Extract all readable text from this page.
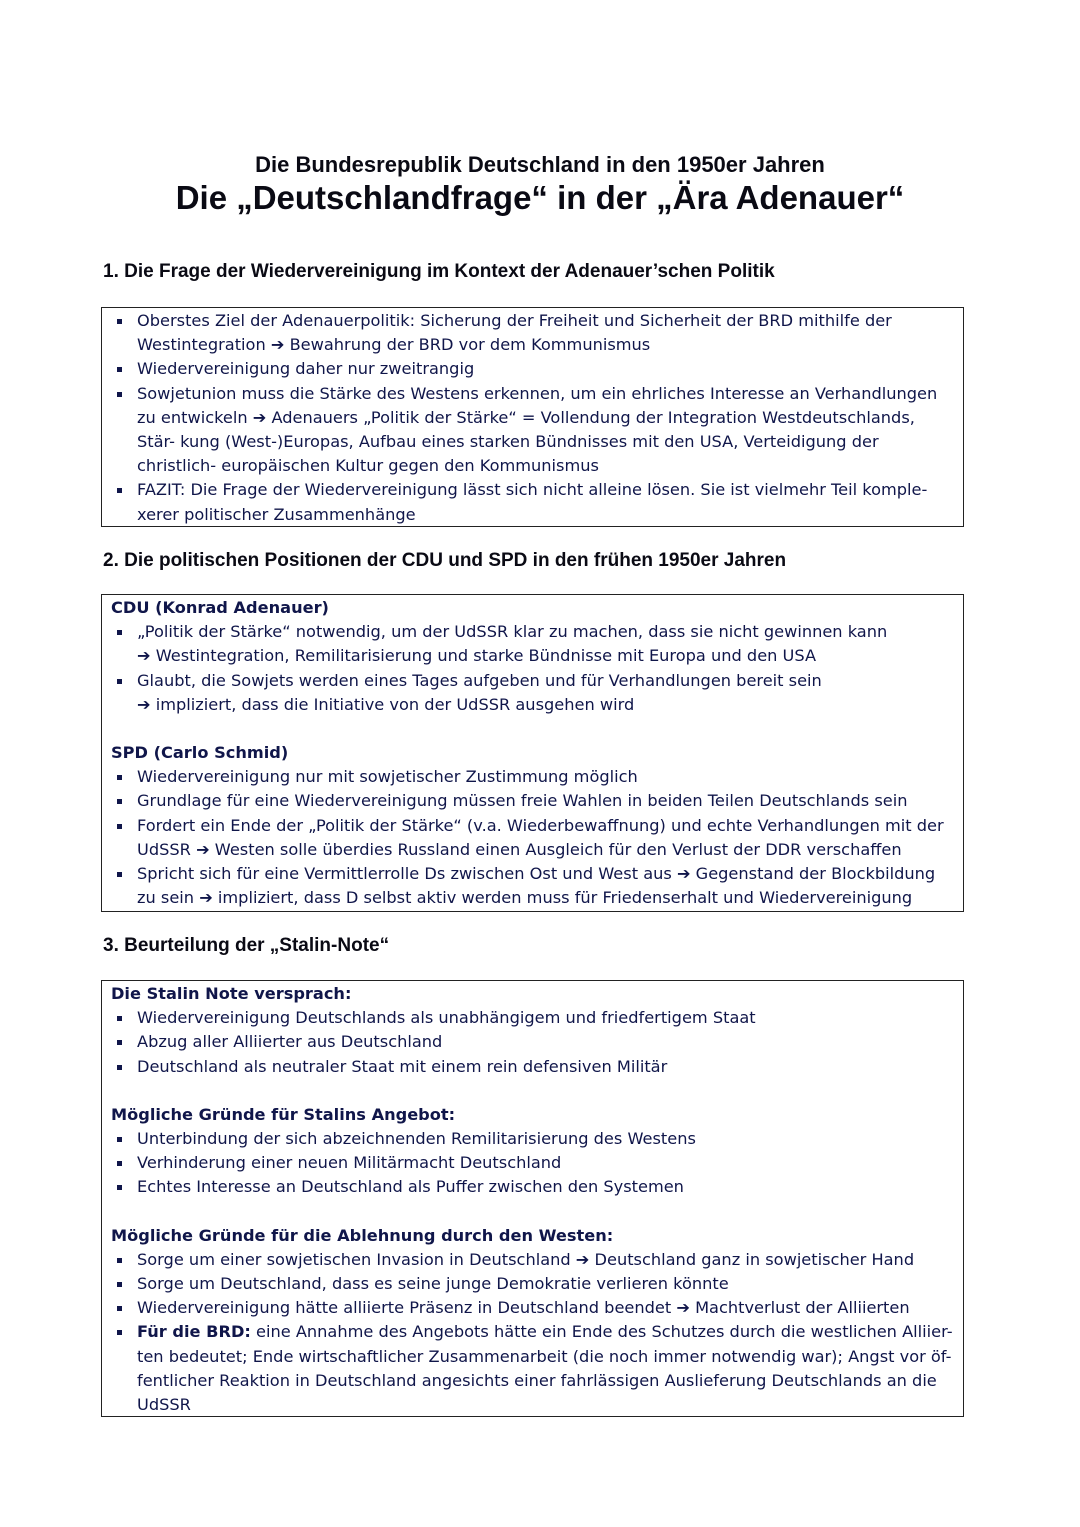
Die Bundesrepublik Deutschland in den 1950er Jahren
Die „Deutschlandfrage“ in der „Ära Adenauer“
1. Die Frage der Wiedervereinigung im Kontext der Adenauer’schen Politik
Oberstes Ziel der Adenauerpolitik: Sicherung der Freiheit und Sicherheit der BRD mithilfe der Westintegration ➔ Bewahrung der BRD vor dem Kommunismus
Wiedervereinigung daher nur zweitrangig
Sowjetunion muss die Stärke des Westens erkennen, um ein ehrliches Interesse an Verhandlungen zu entwickeln ➔ Adenauers „Politik der Stärke“ = Vollendung der Integration Westdeutschlands, Stär- kung (West-)Europas, Aufbau eines starken Bündnisses mit den USA, Verteidigung der christlich- europäischen Kultur gegen den Kommunismus
FAZIT: Die Frage der Wiedervereinigung lässt sich nicht alleine lösen. Sie ist vielmehr Teil komple- xerer politischer Zusammenhänge
2. Die politischen Positionen der CDU und SPD in den frühen 1950er Jahren
CDU (Konrad Adenauer)
„Politik der Stärke“ notwendig, um der UdSSR klar zu machen, dass sie nicht gewinnen kann
➔ Westintegration, Remilitarisierung und starke Bündnisse mit Europa und den USA
Glaubt, die Sowjets werden eines Tages aufgeben und für Verhandlungen bereit sein
➔ impliziert, dass die Initiative von der UdSSR ausgehen wird
SPD (Carlo Schmid)
Wiedervereinigung nur mit sowjetischer Zustimmung möglich
Grundlage für eine Wiedervereinigung müssen freie Wahlen in beiden Teilen Deutschlands sein
Fordert ein Ende der „Politik der Stärke“ (v.a. Wiederbewaffnung) und echte Verhandlungen mit der UdSSR ➔ Westen solle überdies Russland einen Ausgleich für den Verlust der DDR verschaffen
Spricht sich für eine Vermittlerrolle Ds zwischen Ost und West aus ➔ Gegenstand der Blockbildung zu sein ➔ impliziert, dass D selbst aktiv werden muss für Friedenserhalt und Wiedervereinigung
3. Beurteilung der „Stalin-Note“
Die Stalin Note versprach:
Wiedervereinigung Deutschlands als unabhängigem und friedfertigem Staat
Abzug aller Alliierter aus Deutschland
Deutschland als neutraler Staat mit einem rein defensiven Militär
Mögliche Gründe für Stalins Angebot:
Unterbindung der sich abzeichnenden Remilitarisierung des Westens
Verhinderung einer neuen Militärmacht Deutschland
Echtes Interesse an Deutschland als Puffer zwischen den Systemen
Mögliche Gründe für die Ablehnung durch den Westen:
Sorge um einer sowjetischen Invasion in Deutschland ➔ Deutschland ganz in sowjetischer Hand
Sorge um Deutschland, dass es seine junge Demokratie verlieren könnte
Wiedervereinigung hätte alliierte Präsenz in Deutschland beendet ➔ Machtverlust der Alliierten
Für die BRD: eine Annahme des Angebots hätte ein Ende des Schutzes durch die westlichen Alliier- ten bedeutet; Ende wirtschaftlicher Zusammenarbeit (die noch immer notwendig war); Angst vor öf- fentlicher Reaktion in Deutschland angesichts einer fahrlässigen Auslieferung Deutschlands an die UdSSR
